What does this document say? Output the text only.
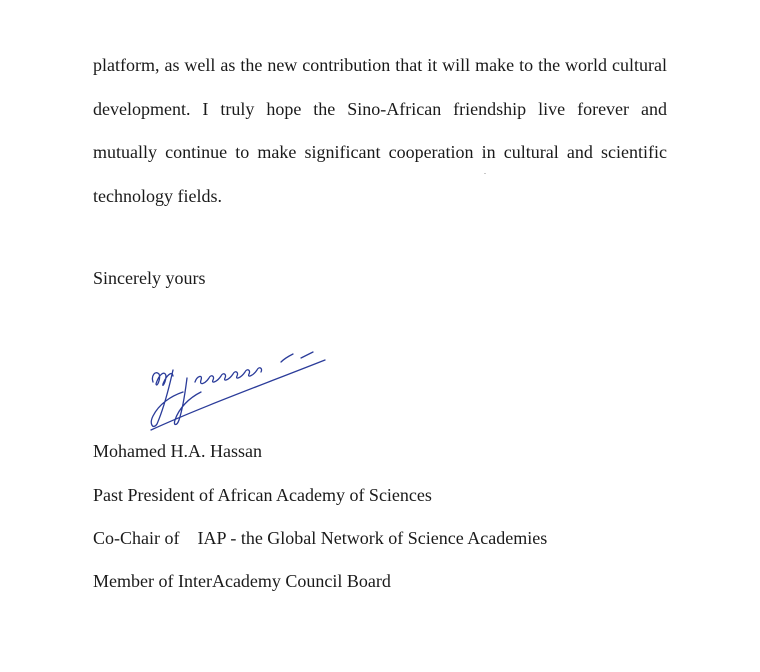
platform, as well as the new contribution that it will make to the world cultural development. I truly hope the Sino-African friendship live forever and mutually continue to make significant cooperation in cultural and scientific technology fields.

Sincerely yours
Mohamed H.A. Hassan
Past President of African Academy of Sciences
Co-Chair of    IAP - the Global Network of Science Academies
Member of InterAcademy Council Board
